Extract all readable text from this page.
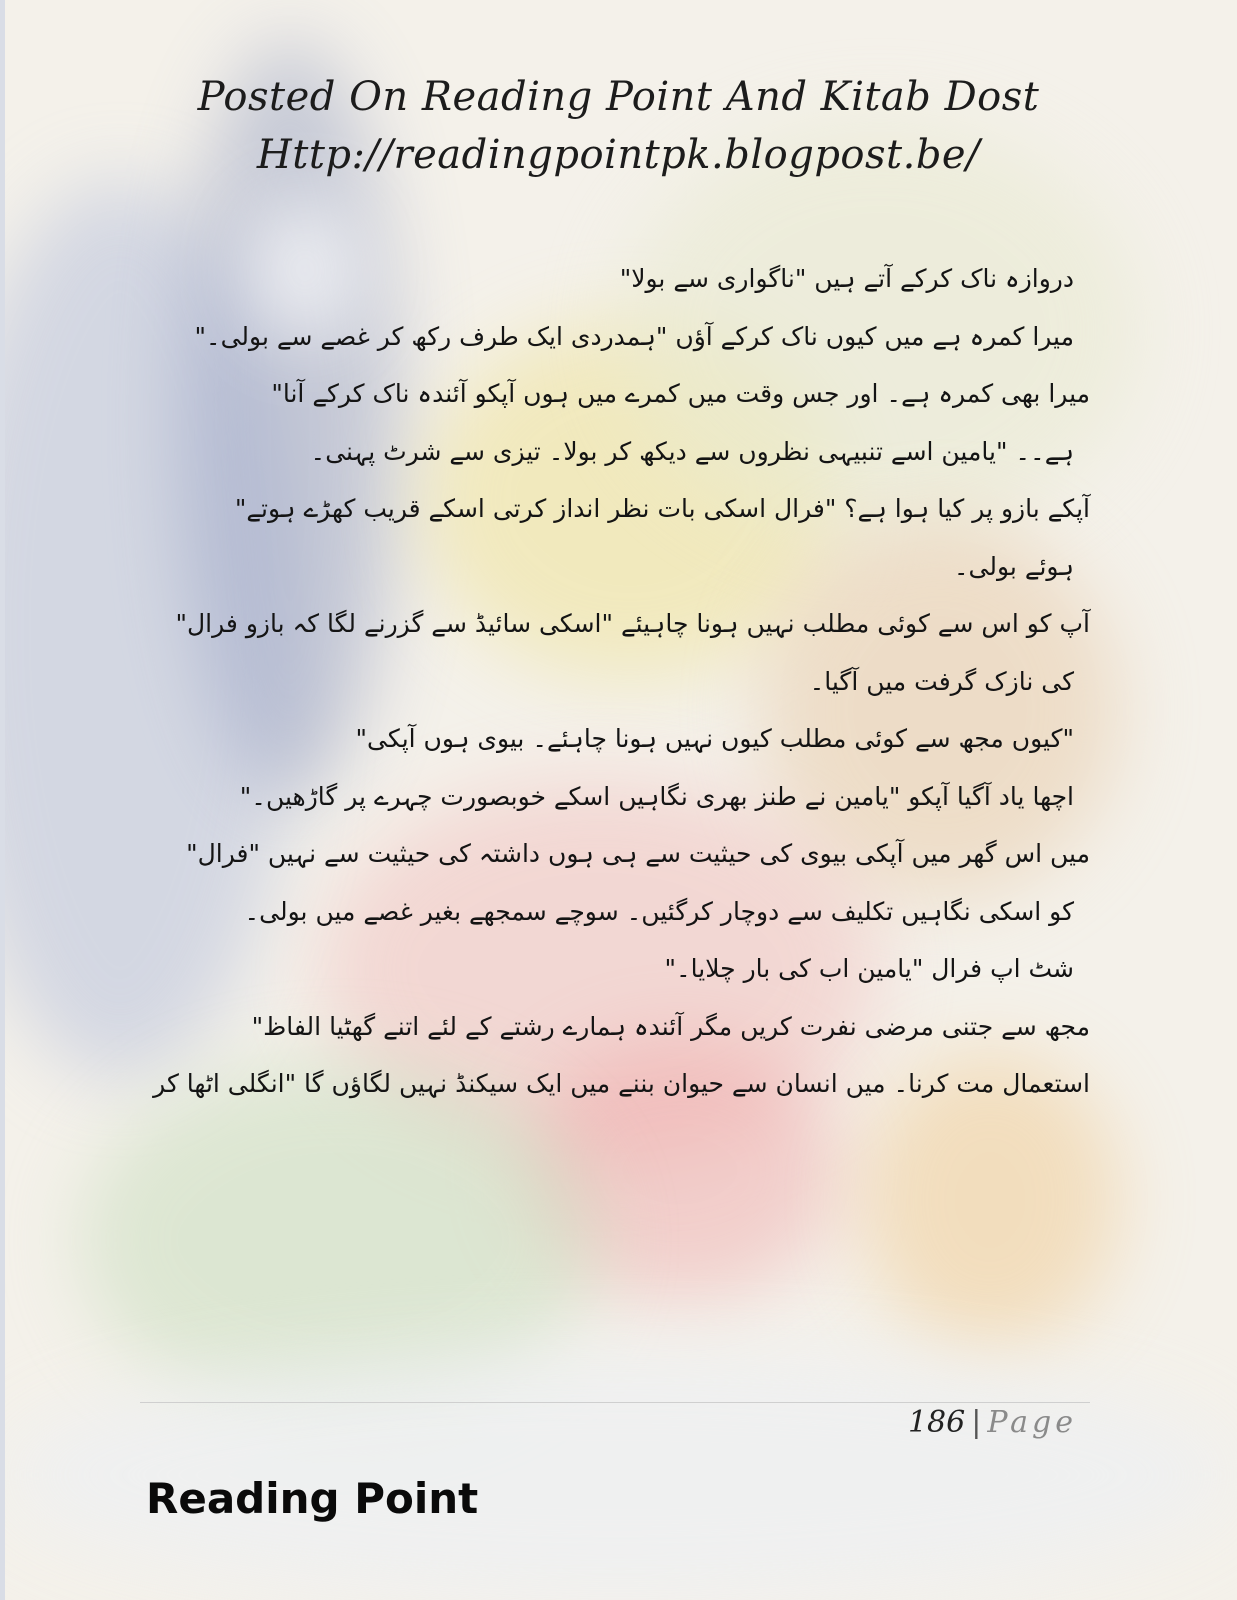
Posted On Reading Point And Kitab Dost
Http://readingpointpk.blogpost.be/
دروازہ ناک کرکے آتے ہیں "ناگواری سے بولا"
میرا کمرہ ہے میں کیوں ناک کرکے آؤں "ہمدردی ایک طرف رکھ کر غصے سے بولی۔"
میرا بھی کمرہ ہے۔ اور جس وقت میں کمرے میں ہوں آپکو آئندہ ناک کرکے آنا"
ہے۔۔ "یامین اسے تنبیہی نظروں سے دیکھ کر بولا۔ تیزی سے شرٹ پہنی۔
آپکے بازو پر کیا ہوا ہے؟ "فرال اسکی بات نظر انداز کرتی اسکے قریب کھڑے ہوتے"
ہوئے بولی۔
آپ کو اس سے کوئی مطلب نہیں ہونا چاہیئے "اسکی سائیڈ سے گزرنے لگا کہ بازو فرال"
کی نازک گرفت میں آگیا۔
"کیوں مجھ سے کوئی مطلب کیوں نہیں ہونا چاہئے۔ بیوی ہوں آپکی"
اچھا یاد آگیا آپکو "یامین نے طنز بھری نگاہیں اسکے خوبصورت چہرے پر گاڑھیں۔"
میں اس گھر میں آپکی بیوی کی حیثیت سے ہی ہوں داشتہ کی حیثیت سے نہیں "فرال"
کو اسکی نگاہیں تکلیف سے دوچار کرگئیں۔ سوچے سمجھے بغیر غصے میں بولی۔
شٹ اپ فرال "یامین اب کی بار چلایا۔"
مجھ سے جتنی مرضی نفرت کریں مگر آئندہ ہمارے رشتے کے لئے اتنے گھٹیا الفاظ"
استعمال مت کرنا۔ میں انسان سے حیوان بننے میں ایک سیکنڈ نہیں لگاؤں گا "انگلی اٹھا کر
186 | Page
Reading Point
